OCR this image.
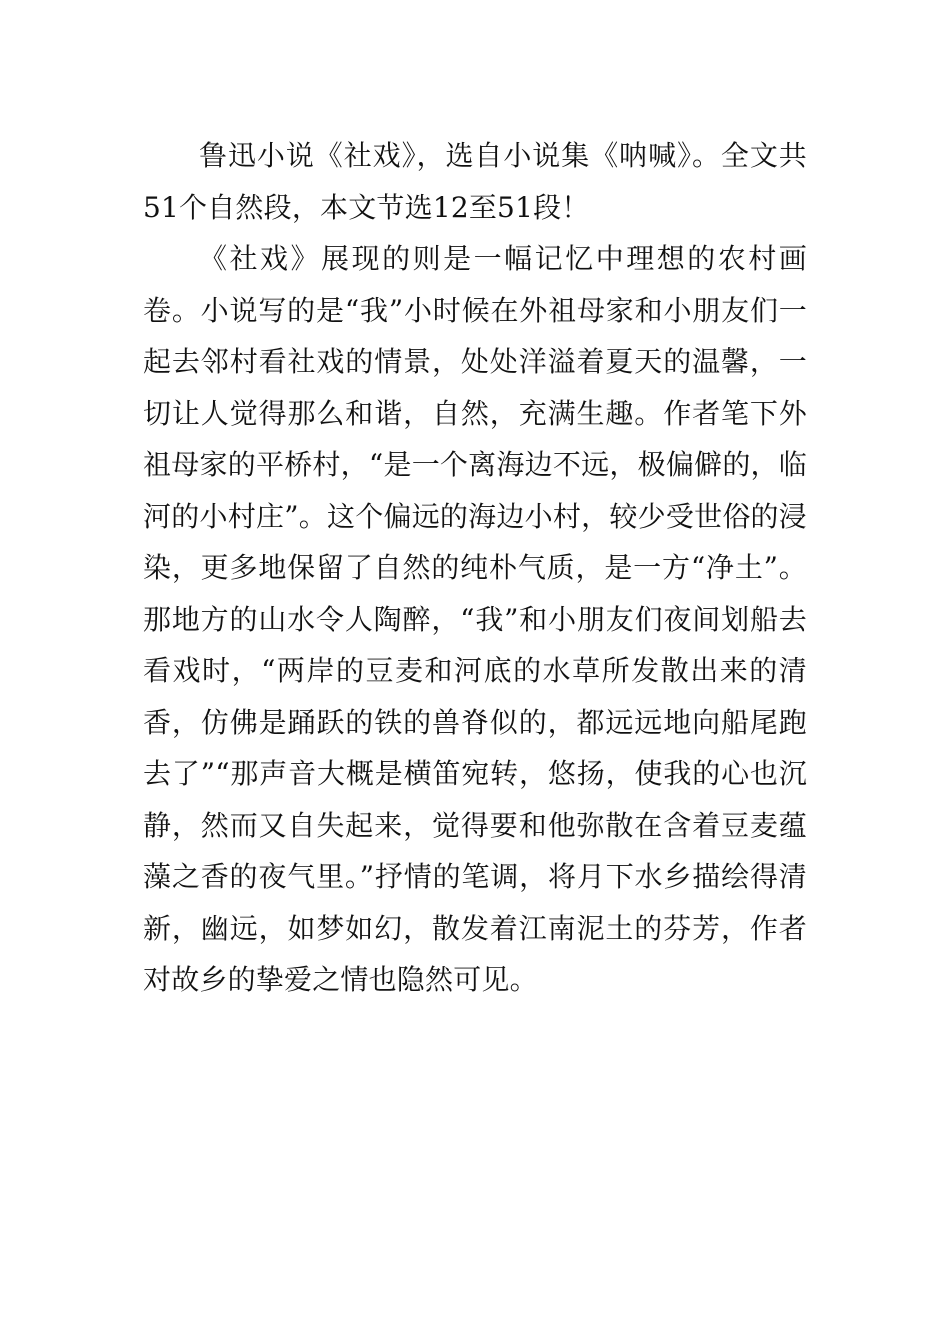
鲁迅小说《社戏》，选自小说集《呐喊》。全文共51个自然段，本文节选12至51段！

《社戏》展现的则是一幅记忆中理想的农村画卷。小说写的是“我”小时候在外祖母家和小朋友们一起去邻村看社戏的情景，处处洋溢着夏天的温馨，一切让人觉得那么和谐，自然，充满生趣。作者笔下外祖母家的平桥村，“是一个离海边不远，极偏僻的，临河的小村庄”。这个偏远的海边小村，较少受世俗的浸染，更多地保留了自然的纯朴气质，是一方“净土”。那地方的山水令人陶醉，“我”和小朋友们夜间划船去看戏时，“两岸的豆麦和河底的水草所发散出来的清香，仿佛是踊跃的铁的兽脊似的，都远远地向船尾跑去了”“那声音大概是横笛宛转，悠扬，使我的心也沉静，然而又自失起来，觉得要和他弥散在含着豆麦蕴藻之香的夜气里。”抒情的笔调，将月下水乡描绘得清新，幽远，如梦如幻，散发着江南泥土的芬芳，作者对故乡的挚爱之情也隐然可见。
